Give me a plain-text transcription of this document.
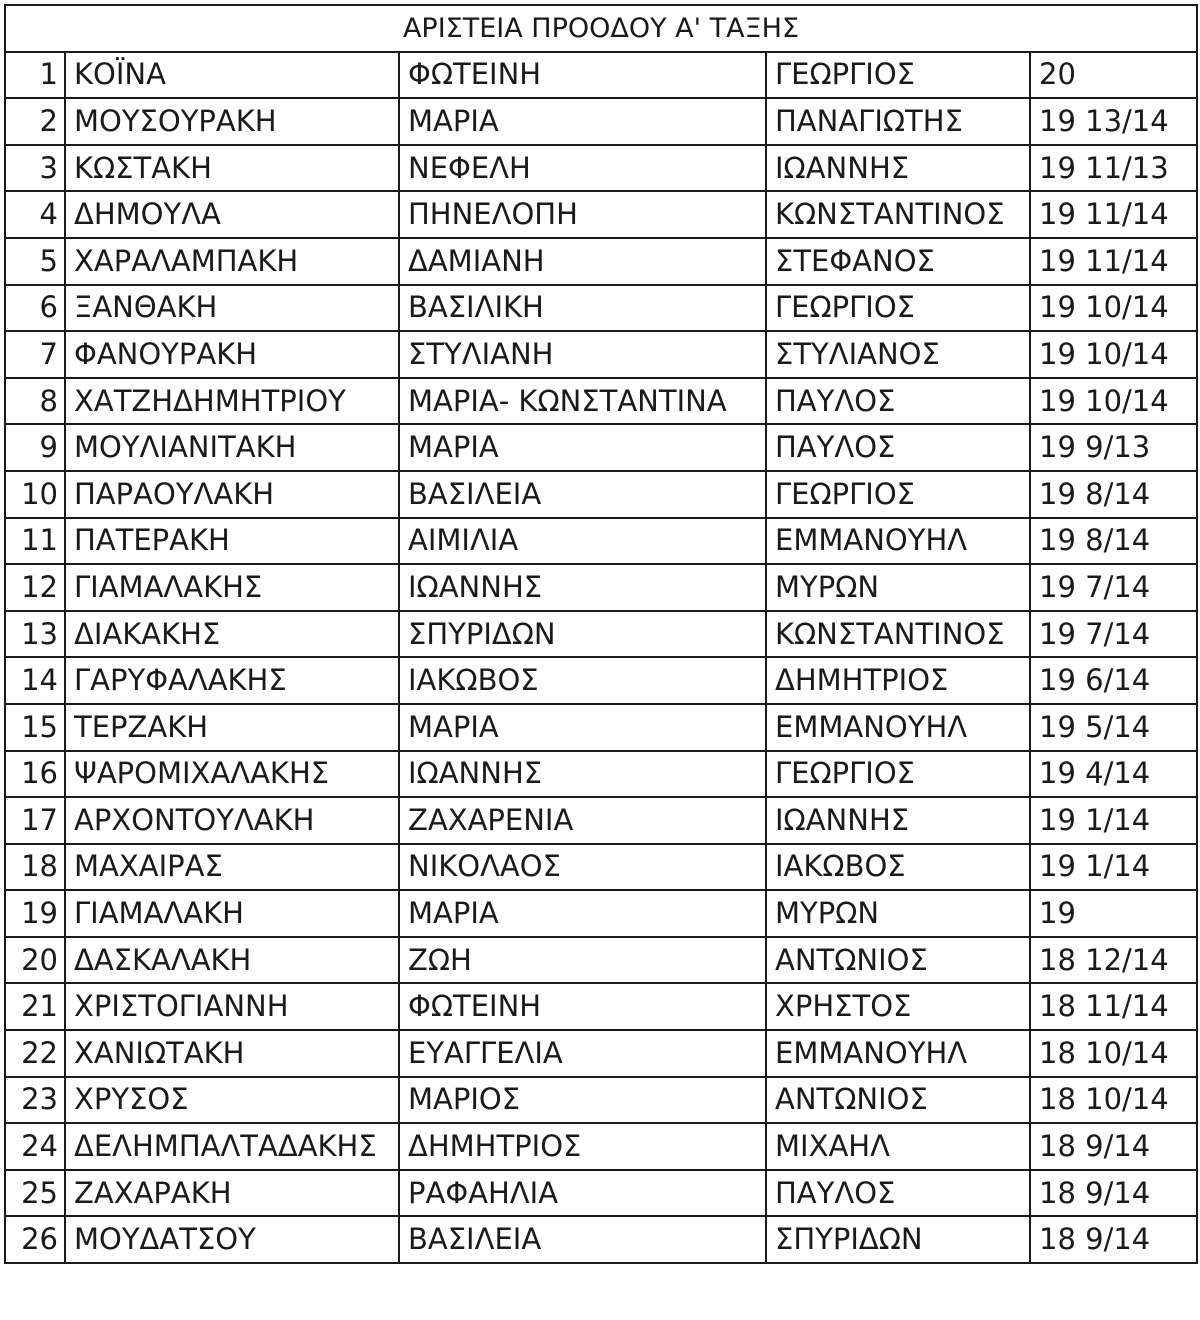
ΑΡΙΣΤΕΙΑ ΠΡΟΟΔΟΥ Α' ΤΑΞΗΣ				
1	ΚΟΪΝΑ	ΦΩΤΕΙΝΗ	ΓΕΩΡΓΙΟΣ	20
2	ΜΟΥΣΟΥΡΑΚΗ	ΜΑΡΙΑ	ΠΑΝΑΓΙΩΤΗΣ	19 13/14
3	ΚΩΣΤΑΚΗ	ΝΕΦΕΛΗ	ΙΩΑΝΝΗΣ	19 11/13
4	ΔΗΜΟΥΛΑ	ΠΗΝΕΛΟΠΗ	ΚΩΝΣΤΑΝΤΙΝΟΣ	19 11/14
5	ΧΑΡΑΛΑΜΠΑΚΗ	ΔΑΜΙΑΝΗ	ΣΤΕΦΑΝΟΣ	19 11/14
6	ΞΑΝΘΑΚΗ	ΒΑΣΙΛΙΚΗ	ΓΕΩΡΓΙΟΣ	19 10/14
7	ΦΑΝΟΥΡΑΚΗ	ΣΤΥΛΙΑΝΗ	ΣΤΥΛΙΑΝΟΣ	19 10/14
8	ΧΑΤΖΗΔΗΜΗΤΡΙΟΥ	ΜΑΡΙΑ- ΚΩΝΣΤΑΝΤΙΝΑ	ΠΑΥΛΟΣ	19 10/14
9	ΜΟΥΛΙΑΝΙΤΑΚΗ	ΜΑΡΙΑ	ΠΑΥΛΟΣ	19 9/13
10	ΠΑΡΑΟΥΛΑΚΗ	ΒΑΣΙΛΕΙΑ	ΓΕΩΡΓΙΟΣ	19 8/14
11	ΠΑΤΕΡΑΚΗ	ΑΙΜΙΛΙΑ	ΕΜΜΑΝΟΥΗΛ	19 8/14
12	ΓΙΑΜΑΛΑΚΗΣ	ΙΩΑΝΝΗΣ	ΜΥΡΩΝ	19 7/14
13	ΔΙΑΚΑΚΗΣ	ΣΠΥΡΙΔΩΝ	ΚΩΝΣΤΑΝΤΙΝΟΣ	19 7/14
14	ΓΑΡΥΦΑΛΑΚΗΣ	ΙΑΚΩΒΟΣ	ΔΗΜΗΤΡΙΟΣ	19 6/14
15	ΤΕΡΖΑΚΗ	ΜΑΡΙΑ	ΕΜΜΑΝΟΥΗΛ	19 5/14
16	ΨΑΡΟΜΙΧΑΛΑΚΗΣ	ΙΩΑΝΝΗΣ	ΓΕΩΡΓΙΟΣ	19 4/14
17	ΑΡΧΟΝΤΟΥΛΑΚΗ	ΖΑΧΑΡΕΝΙΑ	ΙΩΑΝΝΗΣ	19 1/14
18	ΜΑΧΑΙΡΑΣ	ΝΙΚΟΛΑΟΣ	ΙΑΚΩΒΟΣ	19 1/14
19	ΓΙΑΜΑΛΑΚΗ	ΜΑΡΙΑ	ΜΥΡΩΝ	19
20	ΔΑΣΚΑΛΑΚΗ	ΖΩΗ	ΑΝΤΩΝΙΟΣ	18 12/14
21	ΧΡΙΣΤΟΓΙΑΝΝΗ	ΦΩΤΕΙΝΗ	ΧΡΗΣΤΟΣ	18 11/14
22	ΧΑΝΙΩΤΑΚΗ	ΕΥΑΓΓΕΛΙΑ	ΕΜΜΑΝΟΥΗΛ	18 10/14
23	ΧΡΥΣΟΣ	ΜΑΡΙΟΣ	ΑΝΤΩΝΙΟΣ	18 10/14
24	ΔΕΛΗΜΠΑΛΤΑΔΑΚΗΣ	ΔΗΜΗΤΡΙΟΣ	ΜΙΧΑΗΛ	18 9/14
25	ΖΑΧΑΡΑΚΗ	ΡΑΦΑΗΛΙΑ	ΠΑΥΛΟΣ	18 9/14
26	ΜΟΥΔΑΤΣΟΥ	ΒΑΣΙΛΕΙΑ	ΣΠΥΡΙΔΩΝ	18 9/14
